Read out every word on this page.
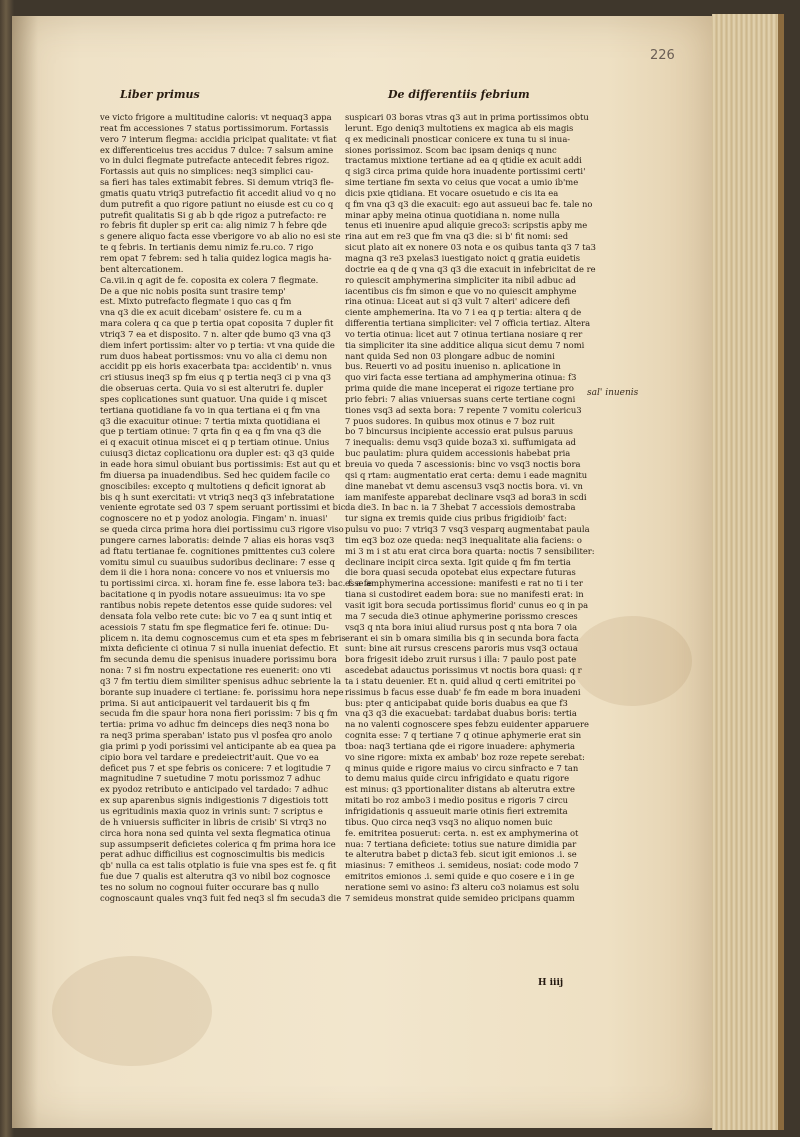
226
Liber primus	De differentiis febrium
ve victo frigore a multitudine caloris: vt nequaq3 appa
reat fm accessiones 7 status portissimorum. Fortassis
vero 7 interum flegma: accidia pricipat qualitate: vt fiat
ex differenticeius tres accidus 7 dulce: 7 salsum amine
vo in dulci flegmate putrefacte antecedit febres rigoz.
Fortassis aut quis no simplices: neq3 simplici cau-
sa fieri has tales extimabit febres. Si demum vtriq3 fle-
gmatis quatu vtriq3 putrefactio fit accedit aliud vo q no
dum putrefit a quo rigore patiunt no eiusde est cu co q
putrefit qualitatis Si g ab b qde rigoz a putrefacto: re
ro febris fit dupler sp erit ca: alig nimiz 7 h febre qde
s genere aliquo facta esse vberigore vo ab alio no esi ste
te q febris. In tertianis demu nimiz fe.ru.co. 7 rigo
rem opat 7 febrem: sed h talia quidez logica magis ha-
bent altercationem.
Ca.vii.in q agit de fe. coposita ex colera 7 flegmate.
De a que nic nobis posita sunt trasire temp'
est. Mixto putrefacto flegmate i quo cas q fm
vna q3 die ex acuit dicebam' osistere fe. cu m a
mara colera q ca que p tertia opat coposita 7 dupler fit
vtriq3 7 ea et disposito. 7 n. alter qde bumo q3 vna q3
diem infert portissim: alter vo p tertia: vt vna quide die
rum duos habeat portissmos: vnu vo alia ci demu non
accidit pp eis horis exacerbata tpa: accidentib' n. vnus
cri stiusus ineq3 sp fm eius q p tertia neq3 ci p vna q3
die obseruas certa. Quia vo si est alterutri fe. dupler
spes coplicationes sunt quatuor. Una quide i q miscet
tertiana quotidiane fa vo in qua tertiana ei q fm vna
q3 die exacuitur otinue: 7 tertia mixta quotidiana ei
que p tertiam otinue: 7 qrta fin q ea q fm vna q3 die
ei q exacuit otinua miscet ei q p tertiam otinue. Unius
cuiusq3 dictaz coplicationu ora dupler est: q3 q3 quide
in eade hora simul obuiant bus portissimis: Est aut qu et
fm diuersa pa inuadendibus. Sed hec quidem facile co
gnoscibiles: excepto q multotiens q deficit ignorat ab
bis q h sunt exercitati: vt vtriq3 neq3 q3 infebratatione
veniente egrotate sed 03 7 spem seruant portissimi et bic
cognoscere no et p yodoz anologia. Fingam' n. inuasi'
se queda circa prima hora diei portissimu cu3 rigore viso
pungere carnes laboratis: deinde 7 alias eis horas vsq3
ad ftatu tertianae fe. cognitiones pmittentes cu3 colere
vomitu simul cu suauibus sudoribus declinare: 7 esse q
dem ii die i hora nona: concere vo nos et vniuersis mo
tu portissimi circa. xi. horam fine fe. esse labora te3: bac. f. a fe
bacitatione q in pyodis notare assueuimus: ita vo spe
rantibus nobis repete detentos esse quide sudores: vel
densata fola velbo rete cute: bic vo 7 ea q sunt intiq et
acessiois 7 statu fm spe flegmatice feri fe. otinue: Du-
plicem n. ita demu cognoscemus cum et eta spes m febris
mixta deficiente ci otinua 7 si nulla inueniat defectio. Et
fm secunda demu die spenisus inuadere porissimu bora
nona: 7 si fm nostru expectatione res euenerit: ono vti
q3 7 fm tertiu diem similiter spenisus adhuc sebriente la
borante sup inuadere ci tertiane: fe. porissimu hora nepe
prima. Si aut anticipauerit vel tardauerit bis q fm
secuda fm die spaur hora nona fieri porissim: 7 bis q fm
tertia: prima vo adhuc fm deinceps dies neq3 nona bo
ra neq3 prima speraban' istato pus vl posfea qro anolo
gia primi p yodi porissimi vel anticipante ab ea quea pa
cipio bora vel tardare e predeiectrit'auit. Que vo ea
deficet pus 7 et spe febris os conicere: 7 et logitudie 7
magnitudine 7 suetudine 7 motu porissmoz 7 adhuc
ex pyodoz retributo e anticipado vel tardado: 7 adhuc
ex sup aparenbus signis indigestionis 7 digestiois tott
us egritudinis maxia quoz in vrinis sunt: 7 scriptus e
de h vniuersis sufficiter in libris de crisib' Si vtrq3 no
circa hora nona sed quinta vel sexta flegmatica otinua
sup assumpserit deficietes colerica q fm prima hora ice
perat adhuc difficilius est cognoscimultis bis medicis
qb' nulla ca est talis otplatio is fuie vna spes est fe. q fit
fue due 7 qualis est alterutra q3 vo nibil boz cognosce
tes no solum no cognoui fuiter occurare bas q nullo
cognoscaunt quales vnq3 fuit fed neq3 sl fm secuda3 die
suspicari 03 boras vtras q3 aut in prima portissimos obtu
lerunt. Ego deniq3 multotiens ex magica ab eis magis
q ex medicinali pnosticar conicere ex tuna tu si inua-
siones porissimoz. Scom bac ipsam deniqs q nunc
tractamus mixtione tertiane ad ea q qtidie ex acuit addi
q sig3 circa prima quide hora inuadente portissimi certi'
sime tertiane fm sexta vo ceius que vocat a umio ib'me
dicis pxie qtidiana. Et vocare osuetudo e cis ita ea
q fm vna q3 q3 die exacuit: ego aut assueui bac fe. tale no
minar apby meina otinua quotidiana n. nome nulla
tenus eti inuenire apud aliquie greco3: scripstis apby me
rina aut em re3 que fm vna q3 die: si b' fit nomi: sed
sicut plato ait ex nonere 03 nota e os quibus tanta q3 7 ta3
magna q3 re3 pxelas3 iuestigato noict q gratia euidetis
doctrie ea q de q vna q3 q3 die exacuit in infebricitat de re
ro quiescit amphymerina simpliciter ita nibil adbuc ad
iacentibus cis fm simon e que vo no quiescit amphyme
rina otinua: Liceat aut si q3 vult 7 alteri' adicere defi
ciente amphemerina. Ita vo 7 i ea q p tertia: altera q de
differentia tertiana simpliciter: vel 7 officia tertiaz. Altera
vo tertia otinua: licet aut 7 otinua tertiana nosiare q rer
tia simpliciter ita sine additice aliqua sicut demu 7 nomi
nant quida Sed non 03 plongare adbuc de nomini
bus. Reuerti vo ad positu inueniso n. aplicatione in
quo viri facta esse tertiana ad amphymerina otinua: f3
prima quide die mane inceperat ei rigoze tertiane pro
prio febri: 7 alias vniuersas suans certe tertiane cogni
tiones vsq3 ad sexta bora: 7 repente 7 vomitu colericu3
7 puos sudores. In quibus mox otinus e 7 boz ruit
bo 7 bincursus incipiente accessio erat pulsus paruus
7 inequalis: demu vsq3 quide boza3 xi. suffumigata ad
buc paulatim: plura quidem accessionis habebat pria
breuia vo queda 7 ascessionis: binc vo vsq3 noctis bora
qsi q rtam: augmentatio erat certa: demu i eade magnitu
dine manebat vt demu ascensu3 vsq3 noctis bora. vi. vn
iam manifeste apparebat declinare vsq3 ad bora3 in scdi
da die3. In bac n. ia 7 3hebat 7 accessiois demostraba
tur signa ex tremis quide cius pribus frigidioib' fact:
pulsu vo puo: 7 vtriq3 7 vsq3 vesparq augmentabat paula
tim eq3 boz oze queda: neq3 inequalitate alia faciens: o
mi 3 m i st atu erat circa bora quarta: noctis 7 sensibiliter:
declinare incipit circa sexta. Igit quide q fm fm tertia
die bora quasi secuda opotebat eius expectare futuras
esse amphymerina accessione: manifesti e rat no ti i ter
tiana si custodiret eadem bora: sue no manifesti erat: in
vasit igit bora secuda portissimus florid' cunus eo q in pa
ma 7 secuda die3 otinue aphymerine porissmo cresces
vsq3 q nta bora iniui aliud rursus post q nta bora 7 oia
erant ei sin b omara similia bis q in secunda bora facta
sunt: bine ait rursus crescens paroris mus vsq3 octaua
bora frigesit idebo zruit rursus i illa: 7 paulo post pate
ascedebat adauctus porissimus vt noctis bora quasi: q r
ta i statu deuenier. Et n. quid aliud q certi emitritei po
rissimus b facus esse duab' fe fm eade m bora inuadeni
bus: pter q anticipabat quide boris duabus ea que f3
vna q3 q3 die exacuebat: tardabat duabus boris: tertia
na no valenti cognoscere spes febzu euidenter apparuere
cognita esse: 7 q tertiane 7 q otinue aphymerie erat sin
tboa: naq3 tertiana qde ei rigore inuadere: aphymeria
vo sine rigore: mixta ex ambab' boz roze repete serebat:
q minus quide e rigore maius vo circu sinfracto e 7 tan
to demu maius quide circu infrigidato e quatu rigore
est minus: q3 pportionaliter distans ab alterutra extre
mitati bo roz ambo3 i medio positus e rigoris 7 circu
infrigidationis q assueuit marie otinis fieri extremita
tibus. Quo circa neq3 vsq3 no aliquo nomen buic
fe. emitritea posuerut: certa. n. est ex amphymerina ot
nua: 7 tertiana deficiete: totius sue nature dimidia par
te alterutra babet p dicta3 feb. sicut igit emionos .i. se
miasinus: 7 emitheos .i. semideus, nosiat: code modo 7
emitritos emionos .i. semi quide e quo cosere e i in ge
neratione semi vo asino: f3 alteru co3 noiamus est solu
7 semideus monstrat quide semideo pricipans quamm
sal' inuenis
H iiij
